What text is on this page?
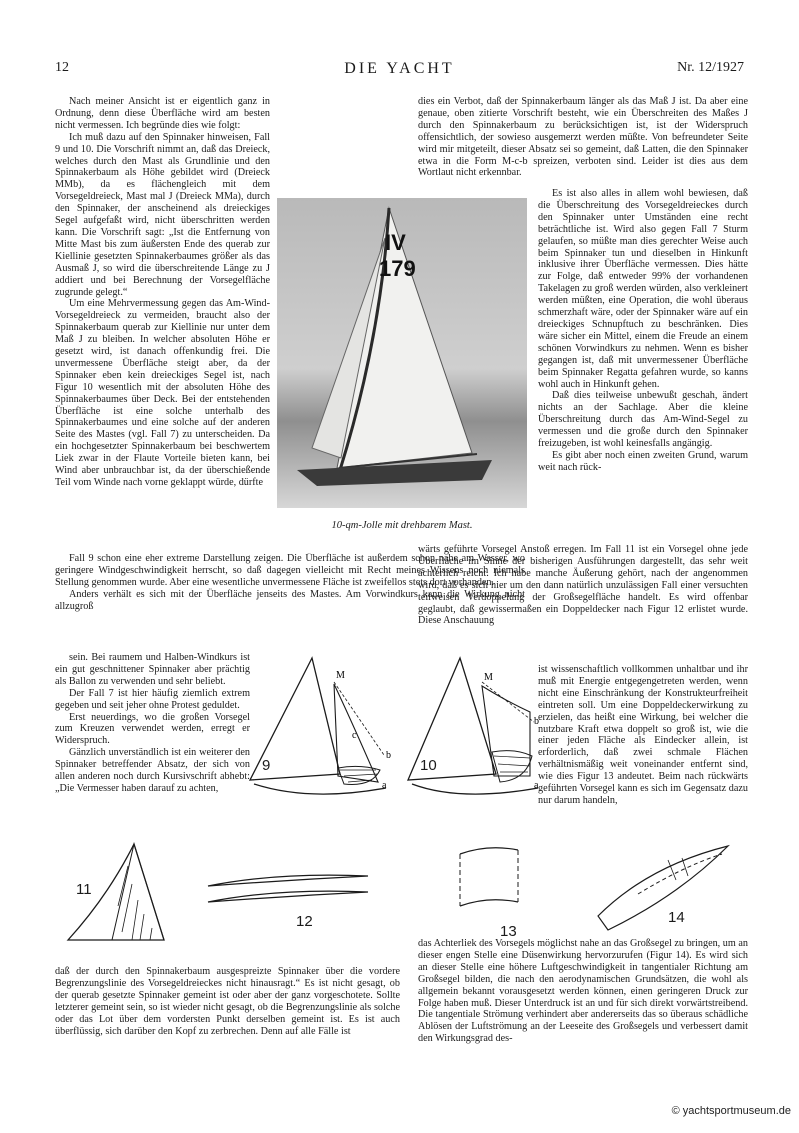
12	DIE YACHT	Nr. 12/1927
Nach meiner Ansicht ist er eigentlich ganz in Ordnung, denn diese Überfläche wird am besten nicht vermessen. Ich begründe dies wie folgt:
Ich muß dazu auf den Spinnaker hinweisen, Fall 9 und 10. Die Vorschrift nimmt an, daß das Dreieck, welches durch den Mast als Grundlinie und den Spinnakerbaum als Höhe gebildet wird (Dreieck MMb), da es flächengleich mit dem Vorsegeldreieck, Mast mal J (Dreieck MMa), durch den Spinnaker, der anscheinend als dreieckiges Segel aufgefaßt wird, nicht überschritten werden kann. Die Vorschrift sagt: „Ist die Entfernung von Mitte Mast bis zum äußersten Ende des querab zur Kiellinie gesetzten Spinnakerbaumes größer als das Ausmaß J, so wird die überschreitende Länge zu J addiert und bei Berechnung der Vorsegelfläche zugrunde gelegt.“
Um eine Mehrvermessung gegen das Am-Wind-Vorsegeldreieck zu vermeiden, braucht also der Spinnakerbaum querab zur Kiellinie nur unter dem Maß J zu bleiben. In welcher absoluten Höhe er gesetzt wird, ist danach offenkundig frei. Die unvermessene Überfläche steigt aber, da der Spinnaker eben kein dreieckiges Segel ist, nach Figur 10 wesentlich mit der absoluten Höhe des Spinnakerbaumes über Deck. Bei der entstehenden Überfläche ist eine solche unterhalb des Spinnakerbaumes und eine solche auf der anderen Seite des Mastes (vgl. Fall 7) zu unterscheiden. Da ein hochgesetzter Spinnakerbaum bei beschwertem Liek zwar in der Flaute Vorteile bieten kann, bei Wind aber unbrauchbar ist, da der überschießende Teil vom Winde nach vorne geklappt würde, dürfte
Fall 9 schon eine eher extreme Darstellung zeigen. Die Überfläche ist außerdem schon nahe am Wasser, wo geringere Windgeschwindigkeit herrscht, so daß dagegen vielleicht mit Recht meines Wissens noch niemals Stellung genommen wurde. Aber eine wesentliche unvermessene Fläche ist zweifellos stets dort vorhanden.
Anders verhält es sich mit der Überfläche jenseits des Mastes. Am Vorwindkurs kann die Wirkung nicht allzugroß
sein. Bei raumem und Halben-Windkurs ist ein gut geschnittener Spinnaker aber prächtig als Ballon zu verwenden und sehr beliebt.
Der Fall 7 ist hier häufig ziemlich extrem gegeben und seit jeher ohne Protest geduldet.
Erst neuerdings, wo die großen Vorsegel zum Kreuzen verwendet werden, erregt er Widerspruch.
Gänzlich unverständlich ist ein weiterer den Spinnaker betreffender Absatz, der sich von allen anderen noch durch Kursivschrift abhebt: „Die Vermesser haben darauf zu achten,
dies ein Verbot, daß der Spinnakerbaum länger als das Maß J ist. Da aber eine genaue, oben zitierte Vorschrift besteht, wie ein Überschreiten des Maßes J durch den Spinnakerbaum zu berücksichtigen ist, ist der Widerspruch offensichtlich, der sowieso ausgemerzt werden müßte. Von befreundeter Seite wird mir mitgeteilt, dieser Absatz sei so gemeint, daß Latten, die den Spinnaker etwa in die Form M-c-b spreizen, verboten sind. Leider ist dies aus dem Wortlaut nicht erkennbar.
Es ist also alles in allem wohl bewiesen, daß die Überschreitung des Vorsegeldreieckes durch den Spinnaker unter Umständen eine recht beträchtliche ist. Wird also gegen Fall 7 Sturm gelaufen, so müßte man dies gerechter Weise auch beim Spinnaker tun und dieselben in Hinkunft inklusive ihrer Überfläche vermessen. Dies hätte zur Folge, daß entweder 99% der vorhandenen Takelagen zu groß werden würden, also verkleinert werden müßten, eine Operation, die wohl überaus schmerzhaft wäre, oder der Spinnaker wäre auf ein dreieckiges Schnupftuch zu beschränken. Dies wäre sicher ein Mittel, einem die Freude an einem schönen Vorwindkurs zu nehmen. Wenn es bisher gegangen ist, daß mit unvermessener Überfläche beim Spinnaker Regatta gefahren wurde, so kanns wohl auch in Hinkunft gehen.
Daß dies teilweise unbewußt geschah, ändert nichts an der Sachlage. Aber die kleine Überschreitung durch das Am-Wind-Segel zu vermessen und die große durch den Spinnaker freizugeben, ist wohl keinesfalls angängig.
Es gibt aber noch einen zweiten Grund, warum weit nach rück-
wärts geführte Vorsegel Anstoß erregen. Im Fall 11 ist ein Vorsegel ohne jede Überfläche im Sinne der bisherigen Ausführungen dargestellt, das sehr weit achterlich reicht. Ich habe manche Äußerung gehört, nach der angenommen wird, daß es sich hier um den dann natürlich unzulässigen Fall einer versuchten teilweisen Verdoppelung der Großsegelfläche handelt. Es wird offenbar geglaubt, daß gewissermaßen ein Doppeldecker nach Figur 12 erlistet wurde. Diese Anschauung
ist wissenschaftlich vollkommen unhaltbar und ihr muß mit Energie entgegengetreten werden, wenn nicht eine Einschränkung der Konstrukteurfreiheit eintreten soll. Um eine Doppeldeckerwirkung zu erzielen, das heißt eine Wirkung, bei welcher die nutzbare Kraft etwa doppelt so groß ist, wie die einer jeden Fläche als Eindecker allein, ist erforderlich, daß zwei schmale Flächen verhältnismäßig weit voneinander entfernt sind, wie dies Figur 13 andeutet. Beim nach rückwärts geführten Vorsegel kann es sich im Gegensatz dazu nur darum handeln,
IV
179
10-qm-Jolle mit drehbarem Mast.
9
M
c
b
a
10
M
b
a
11
12
13
14
daß der durch den Spinnakerbaum ausgespreizte Spinnaker über die vordere Begrenzungslinie des Vorsegeldreieckes nicht hinausragt.“ Es ist nicht gesagt, ob der querab gesetzte Spinnaker gemeint ist oder aber der ganz vorgeschotete. Sollte letzterer gemeint sein, so ist wieder nicht gesagt, ob die Begrenzungslinie als solche oder das Lot über dem vordersten Punkt derselben gemeint ist. Es ist auch überflüssig, sich darüber den Kopf zu zerbrechen. Denn auf alle Fälle ist
das Achterliek des Vorsegels möglichst nahe an das Großsegel zu bringen, um an dieser engen Stelle eine Düsenwirkung hervorzurufen (Figur 14). Es wird sich an dieser Stelle eine höhere Luftgeschwindigkeit in tangentialer Richtung am Großsegel bilden, die nach den aerodynamischen Grundsätzen, die wohl als allgemein bekannt vorausgesetzt werden können, einen geringeren Druck zur Folge haben muß. Dieser Unterdruck ist an und für sich direkt vorwärtstreibend. Die tangentiale Strömung verhindert aber andererseits das so überaus schädliche Ablösen der Luftströmung an der Leeseite des Großsegels und verbessert damit den Wirkungsgrad des-
© yachtsportmuseum.de
